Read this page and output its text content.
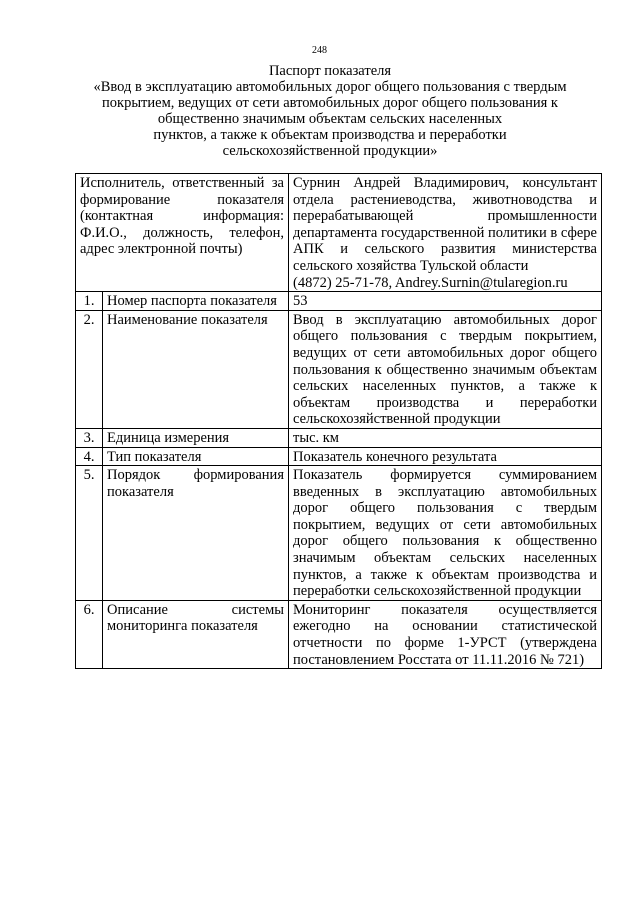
248
Паспорт показателя
«Ввод в эксплуатацию автомобильных дорог общего пользования с твердым
покрытием, ведущих от сети автомобильных дорог общего пользования к
общественно значимым объектам сельских населенных
пунктов, а также к объектам производства и переработки
сельскохозяйственной продукции»
Исполнитель, ответственный за формирование показателя (контактная информация: Ф.И.О., должность, телефон, адрес электронной почты)		Сурнин Андрей Владимирович, консультант отдела растениеводства, животноводства и перерабатывающей промышленности департамента государственной политики в сфере АПК и сельского развития министерства сельского хозяйства Тульской области
(4872) 25-71-78, Andrey.Surnin@tularegion.ru

1.	Номер паспорта показателя	53
2.	Наименование показателя	Ввод в эксплуатацию автомобильных дорог общего пользования с твердым покрытием, ведущих от сети автомобильных дорог общего пользования к общественно значимым объектам сельских населенных пунктов, а также к объектам производства и переработки сельскохозяйственной продукции
3.	Единица измерения	тыс. км
4.	Тип показателя	Показатель конечного результата
5.	Порядок формирования показателя	Показатель формируется суммированием введенных в эксплуатацию автомобильных дорог общего пользования с твердым покрытием, ведущих от сети автомобильных дорог общего пользования к общественно значимым объектам сельских населенных пунктов, а также к объектам производства и переработки сельскохозяйственной продукции
6.	Описание системы мониторинга показателя	Мониторинг показателя осуществляется ежегодно на основании статистической отчетности по форме 1-УРСТ (утверждена постановлением Росстата от 11.11.2016 № 721)
